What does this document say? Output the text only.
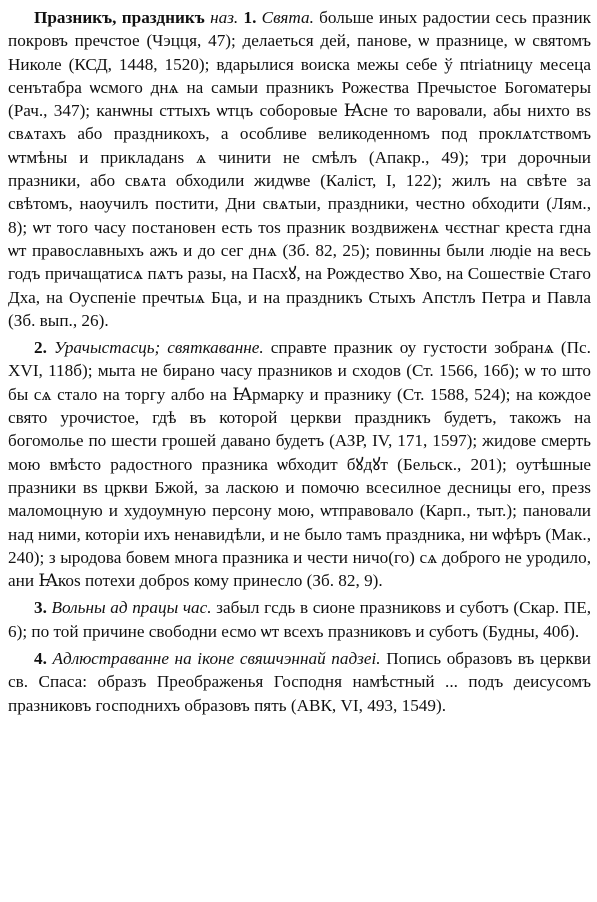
Празникъ, праздникъ наз. 1. Свята. больше иных радостии сесь празник покровъ пречстое (Чэцця, 47); делаеться дей, панове, ѡ празнице, ѡ святомъ Николе (КСД, 1448, 1520); вдарылися воиска межы себе ў пtriatницу месеца сенътабра ѡсмого днѧ на самыи празникъ Рожества Пречыстое Богоматеры (Рач., 347); канѡны сттыхъ ѡтцъ соборовые Ꙗсне то варовали, абы нихто вs свѧтахъ або праздникохъ, а особливе великоденномъ под проклѧтствомъ ѡтмѣны и прикладанs ѧ чинити не смѣлъ (Апакр., 49); три дорочныи празники, або свѧта обходили жидѡве (Каліст, І, 122); жилъ на свѣте за свѣтомъ, наоучилъ постити, Дни свѧтыи, праздники, честно обходити (Лям., 8); ѡт того часу постановен есть тоs празник воздвиженѧ чєстнаг креста гдна ѡт православныхъ ажъ и до сег днѧ (Зб. 82, 25); повинны были людіе на весь годъ причащатисѧ пѧтъ разы, на Пасхꙋ, на Рождество Хво, на Сошествіе Стаго Дха, на Оуспеніе пречтыѧ Бца, и на праздникъ Стыхъ Апстлъ Петра и Павла (Зб. вып., 26).

2. Урачыстасць; святкаванне. справте празник оу густости зобранѧ (Пс. XVI, 118б); мыта не бирано часу празников и сходов (Ст. 1566, 16б); ѡ то што бы сѧ стало на торгу албо на Ꙗрмарку и празнику (Ст. 1588, 524); на кождое свято урочистое, гдѣ въ которой церкви праздникъ будетъ, такожъ на богомолье по шести грошей давано будетъ (АЗР, IV, 171, 1597); жидове смерть мою вмѣсто радостного празника ѡбходит бꙋдꙋт (Бельск., 201); оутѣшные празники вs цркви Бжой, за ласкою и помочю всесилное десницы его, презs маломоцную и худоумную персону мою, ѡтправовало (Карп., тыт.); пановали над ними, которіи ихъ ненавидѣли, и не было тамъ праздника, ни ѡфѣръ (Мак., 240); з ыродова бовем многа празника и чести ничо(го) сѧ доброго не уродило, ани Ꙗкоs потехи доброs кому принесло (Зб. 82, 9).

3. Вольны ад працы час. забыл гсдь в сионе празниковs и суботъ (Скар. ПЕ, 6); по той причине свободни есмо ѡт всехъ празниковъ и суботъ (Будны, 40б).

4. Адлюстраванне на іконе свяшчэннай падзеі. Попись образовъ въ церкви св. Спаса: образъ Преображенья Господня намѣстный ... подъ деисусомъ празниковъ господнихъ образовъ пять (АВК, VI, 493, 1549).
